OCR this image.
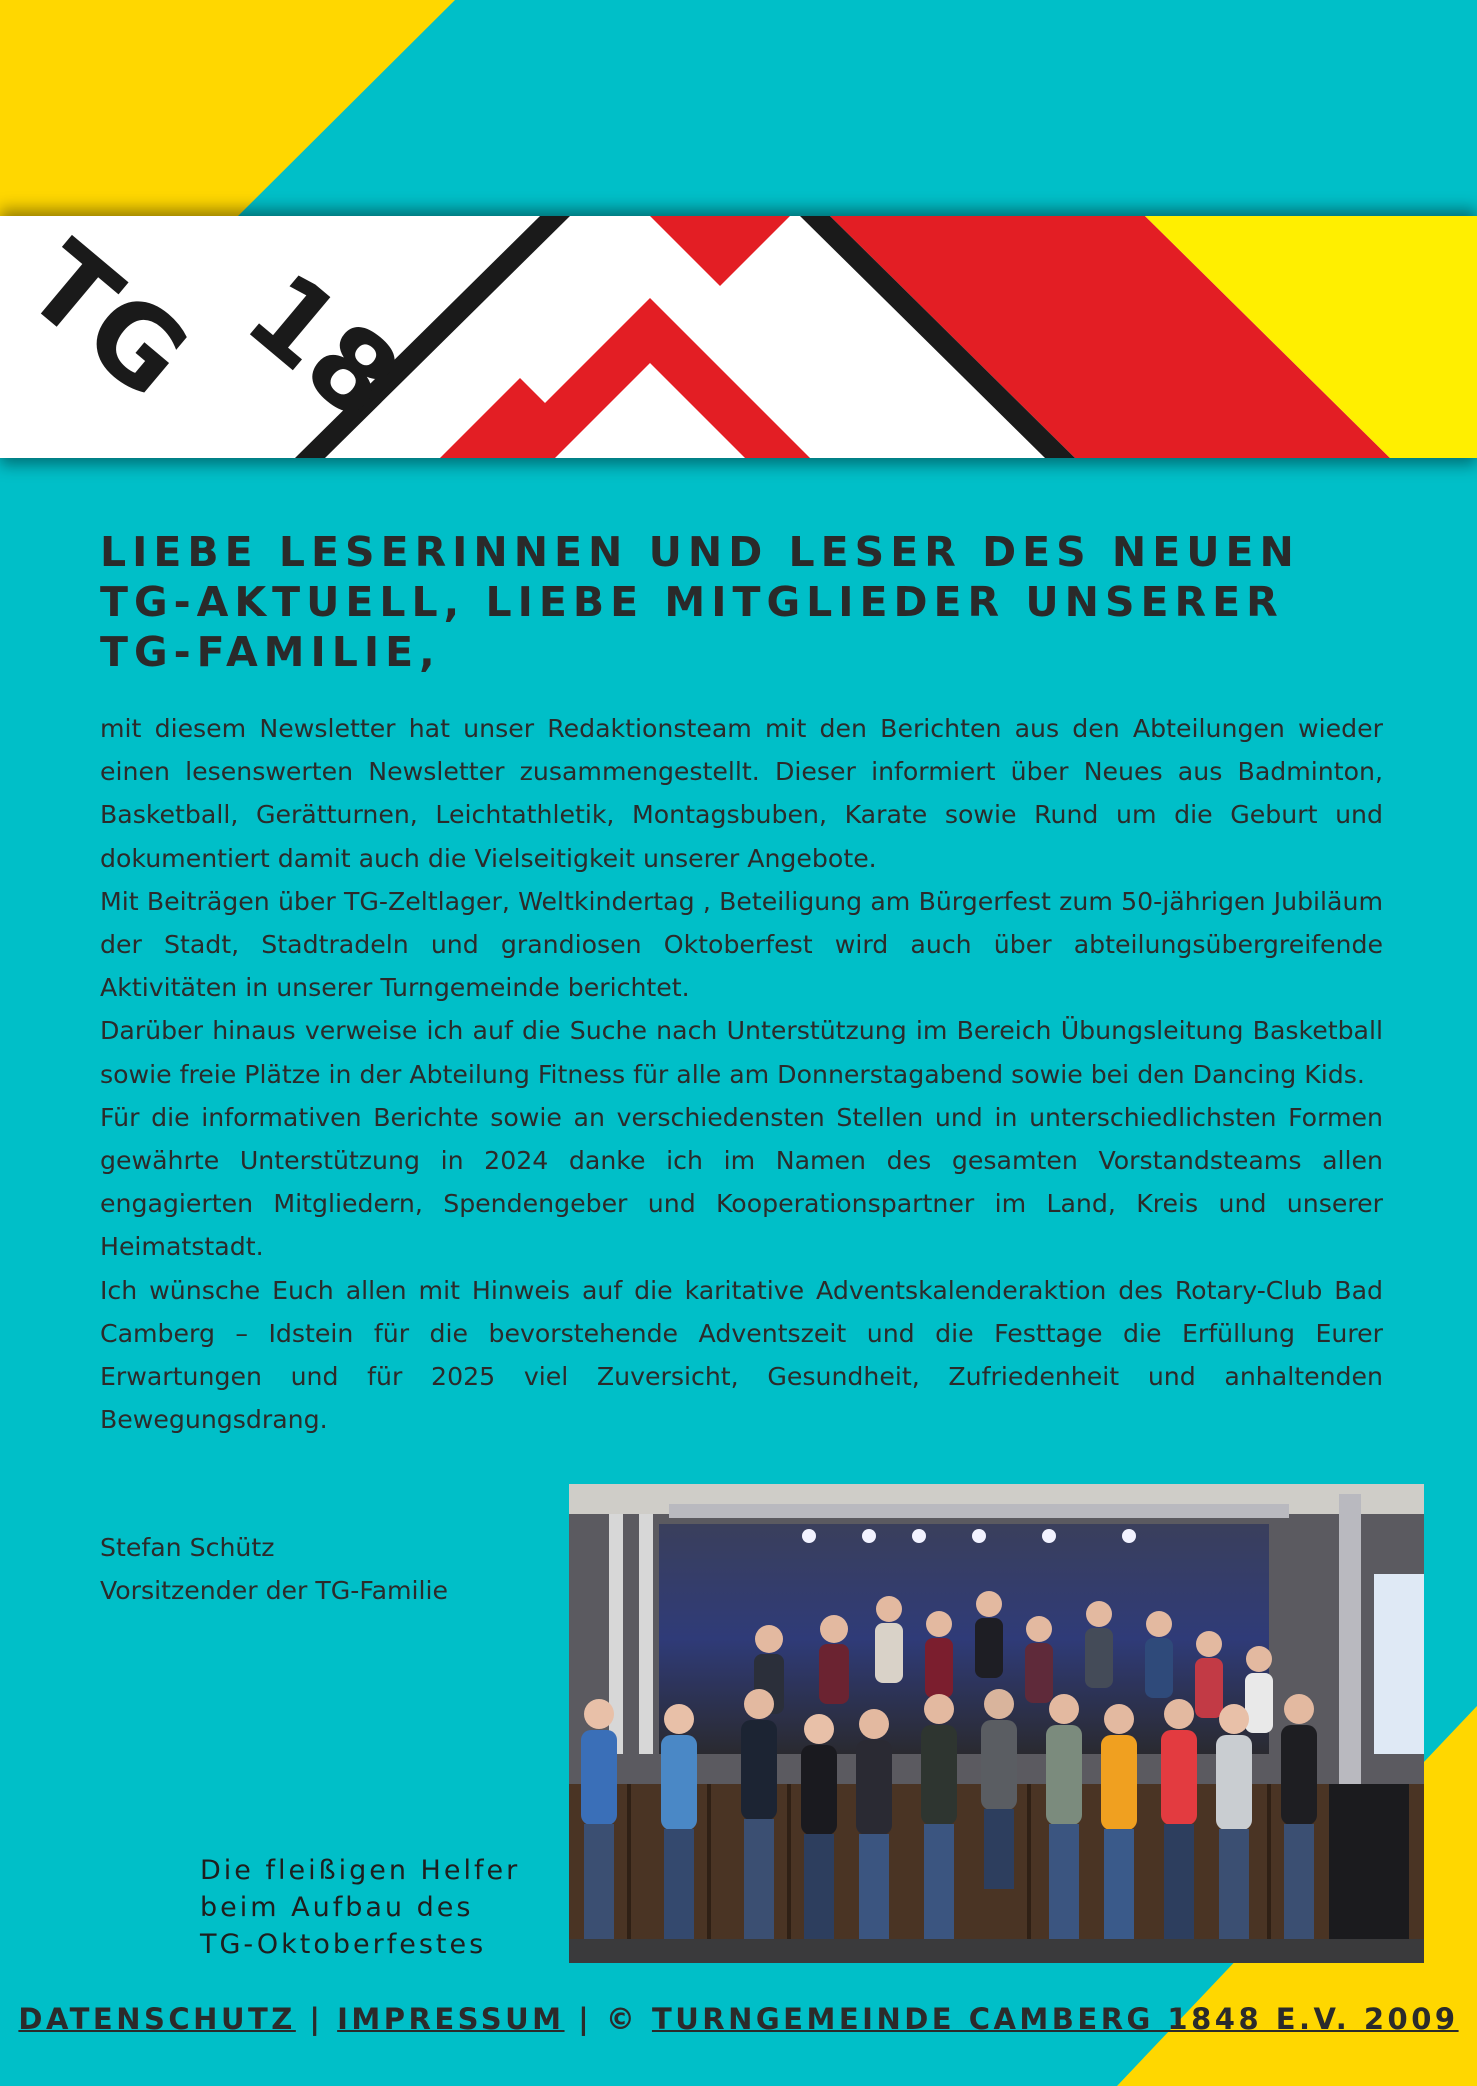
TG 18
LIEBE LESERINNEN UND LESER DES NEUEN
TG-AKTUELL, LIEBE MITGLIEDER UNSERER
TG-FAMILIE,

mit diesem Newsletter hat unser Redaktionsteam mit den Berichten aus den Abteilungen wieder einen lesenswerten Newsletter zusammengestellt. Dieser informiert über Neues aus Badminton, Basketball, Gerätturnen, Leichtathletik, Montagsbuben, Karate sowie Rund um die Geburt und dokumentiert damit auch die Vielseitigkeit unserer Angebote.

Mit Beiträgen über TG-Zeltlager, Weltkindertag , Beteiligung am Bürgerfest zum 50-jährigen Jubiläum der Stadt, Stadtradeln und grandiosen Oktoberfest wird auch über abteilungsübergreifende Aktivitäten in unserer Turngemeinde berichtet.

Darüber hinaus verweise ich auf die Suche nach Unterstützung im Bereich Übungsleitung Basketball sowie freie Plätze in der Abteilung Fitness für alle am Donnerstagabend sowie bei den Dancing Kids.

Für die informativen Berichte sowie an verschiedensten Stellen und in unterschiedlichsten Formen gewährte Unterstützung in 2024 danke ich im Namen des gesamten Vorstandsteams allen engagierten Mitgliedern, Spendengeber und Kooperationspartner im Land, Kreis und unserer Heimatstadt.

Ich wünsche Euch allen mit Hinweis auf die karitative Adventskalenderaktion des Rotary-Club Bad Camberg – Idstein für die bevorstehende Adventszeit und die Festtage die Erfüllung Eurer Erwartungen und für 2025 viel Zuversicht, Gesundheit, Zufriedenheit und anhaltenden Bewegungsdrang.

Stefan Schütz
Vorsitzender der TG-Familie
Die fleißigen Helfer
beim Aufbau des
TG-Oktoberfestes
DATENSCHUTZ | IMPRESSUM | © TURNGEMEINDE CAMBERG 1848 E.V. 2009
